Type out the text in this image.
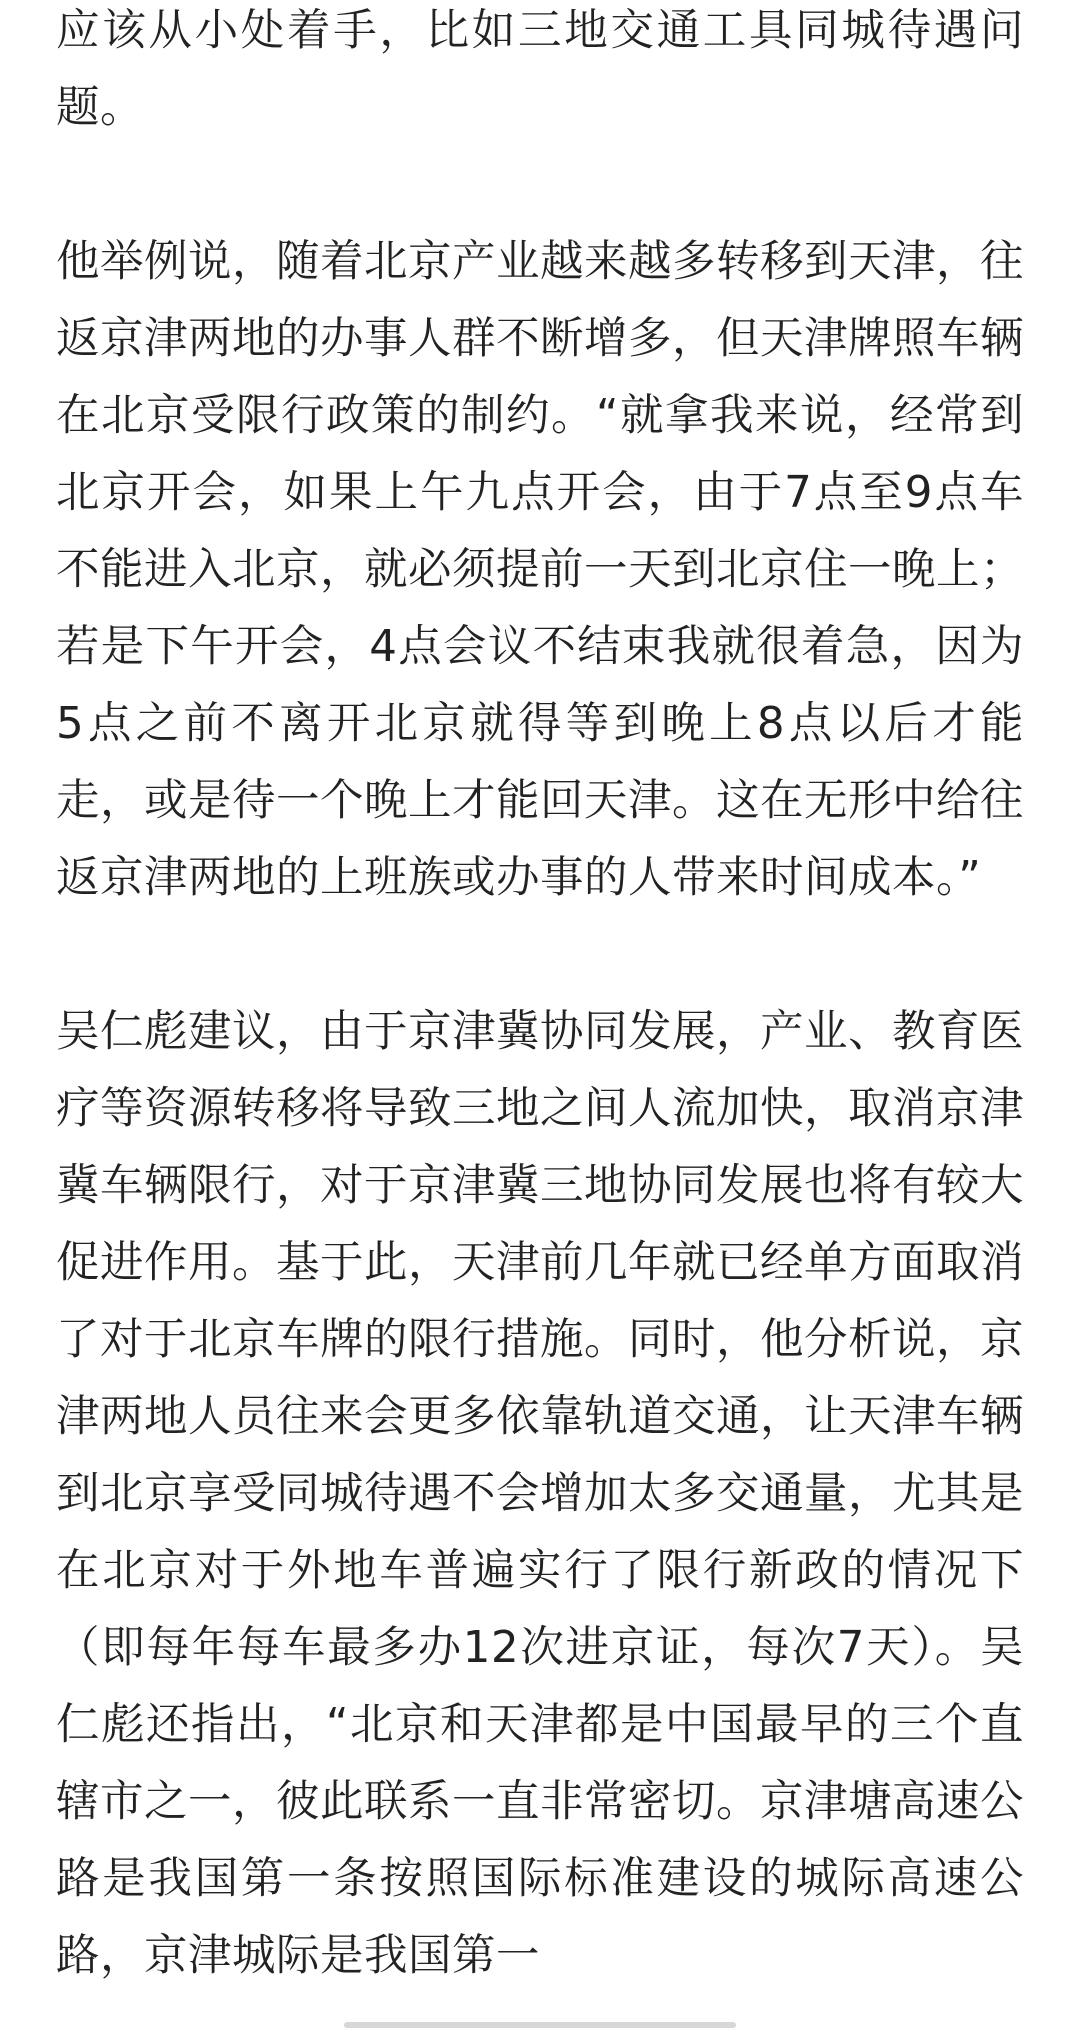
应该从小处着手，比如三地交通工具同城待遇问题。

他举例说，随着北京产业越来越多转移到天津，往返京津两地的办事人群不断增多，但天津牌照车辆在北京受限行政策的制约。“就拿我来说，经常到北京开会，如果上午九点开会，由于7点至9点车不能进入北京，就必须提前一天到北京住一晚上；若是下午开会，4点会议不结束我就很着急，因为5点之前不离开北京就得等到晚上8点以后才能走，或是待一个晚上才能回天津。这在无形中给往返京津两地的上班族或办事的人带来时间成本。”

吴仁彪建议，由于京津冀协同发展，产业、教育医疗等资源转移将导致三地之间人流加快，取消京津冀车辆限行，对于京津冀三地协同发展也将有较大促进作用。基于此，天津前几年就已经单方面取消了对于北京车牌的限行措施。同时，他分析说，京津两地人员往来会更多依靠轨道交通，让天津车辆到北京享受同城待遇不会增加太多交通量，尤其是在北京对于外地车普遍实行了限行新政的情况下（即每年每车最多办12次进京证，每次7天）。吴仁彪还指出，“北京和天津都是中国最早的三个直辖市之一，彼此联系一直非常密切。京津塘高速公路是我国第一条按照国际标准建设的城际高速公路，京津城际是我国第一
